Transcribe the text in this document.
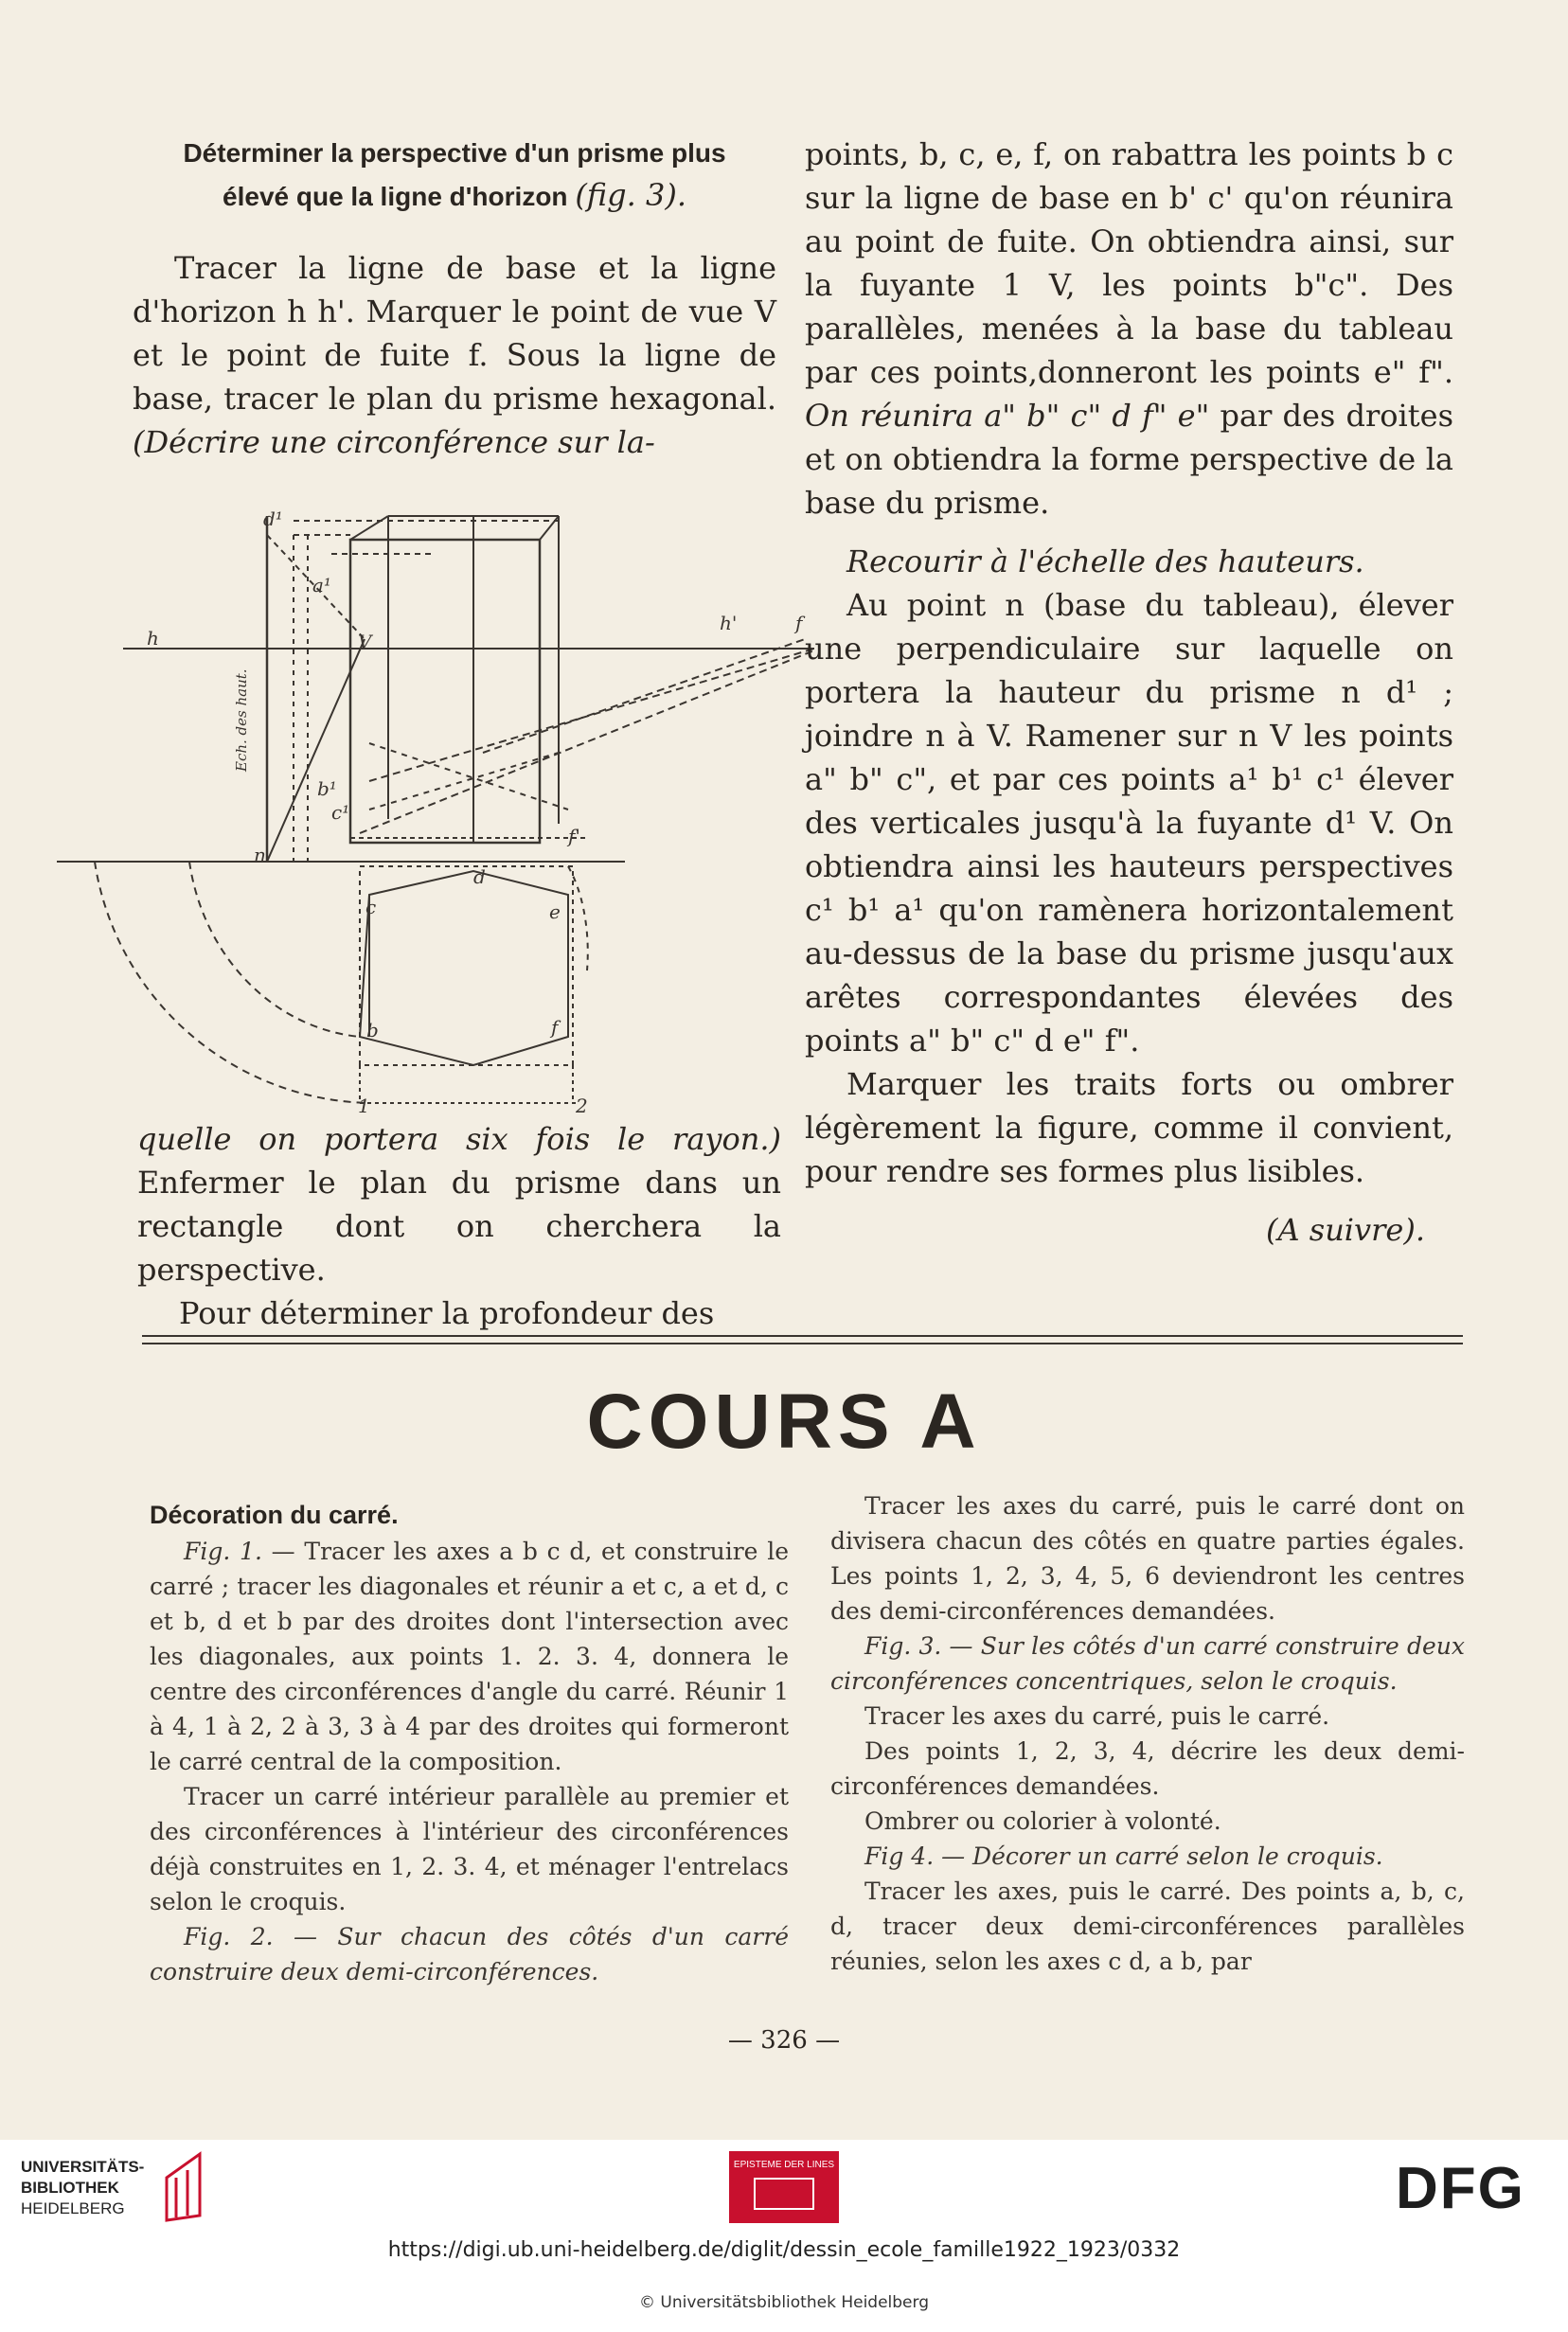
Déterminer la perspective d'un prisme plus
élevé que la ligne d'horizon (fig. 3).

Tracer la ligne de base et la ligne d'horizon h h'. Marquer le point de vue V et le point de fuite f. Sous la ligne de base, tracer le plan du prisme hexagonal. (Décrire une circonférence sur la-

d¹
h
h'	f
V
a¹
b¹
c¹
Ech. des haut.
d
c	e
b	f
n
1	2
f'

quelle on portera six fois le rayon.) Enfermer le plan du prisme dans un rectangle dont on cherchera la perspective.

Pour déterminer la profondeur des

points, b, c, e, f, on rabattra les points b c sur la ligne de base en b' c' qu'on réunira au point de fuite. On obtiendra ainsi, sur la fuyante 1 V, les points b"c". Des parallèles, menées à la base du tableau par ces points,donneront les points e" f". On réunira a" b" c" d f" e" par des droites et on obtiendra la forme perspective de la base du prisme.

Recourir à l'échelle des hauteurs.

Au point n (base du tableau), élever une perpendiculaire sur laquelle on portera la hauteur du prisme n d¹ ; joindre n à V. Ramener sur n V les points a" b" c", et par ces points a¹ b¹ c¹ élever des verticales jusqu'à la fuyante d¹ V. On obtiendra ainsi les hauteurs perspectives c¹ b¹ a¹ qu'on ramènera horizontalement au-dessus de la base du prisme jusqu'aux arêtes correspondantes élevées des points a" b" c" d e" f".

Marquer les traits forts ou ombrer légèrement la figure, comme il convient, pour rendre ses formes plus lisibles.

(A suivre).

COURS A

Décoration du carré.

Fig. 1. — Tracer les axes a b c d, et construire le carré ; tracer les diagonales et réunir a et c, a et d, c et b, d et b par des droites dont l'intersection avec les diagonales, aux points 1. 2. 3. 4, donnera le centre des circonférences d'angle du carré. Réunir 1 à 4, 1 à 2, 2 à 3, 3 à 4 par des droites qui formeront le carré central de la composition.

Tracer un carré intérieur parallèle au premier et des circonférences à l'intérieur des circonférences déjà construites en 1, 2. 3. 4, et ménager l'entrelacs selon le croquis.

Fig. 2. — Sur chacun des côtés d'un carré construire deux demi-circonférences.

Tracer les axes du carré, puis le carré dont on divisera chacun des côtés en quatre parties égales. Les points 1, 2, 3, 4, 5, 6 deviendront les centres des demi-circonférences demandées.

Fig. 3. — Sur les côtés d'un carré construire deux circonférences concentriques, selon le croquis.

Tracer les axes du carré, puis le carré.

Des points 1, 2, 3, 4, décrire les deux demi-circonférences demandées.

Ombrer ou colorier à volonté.

Fig 4. — Décorer un carré selon le croquis.

Tracer les axes, puis le carré. Des points a, b, c, d, tracer deux demi-circonférences parallèles réunies, selon les axes c d, a b, par

— 326 —
UNIVERSITÄTS-
BIBLIOTHEK
HEIDELBERG
EPISTEME DER LINES	DFG
https://digi.ub.uni-heidelberg.de/diglit/dessin_ecole_famille1922_1923/0332
© Universitätsbibliothek Heidelberg
